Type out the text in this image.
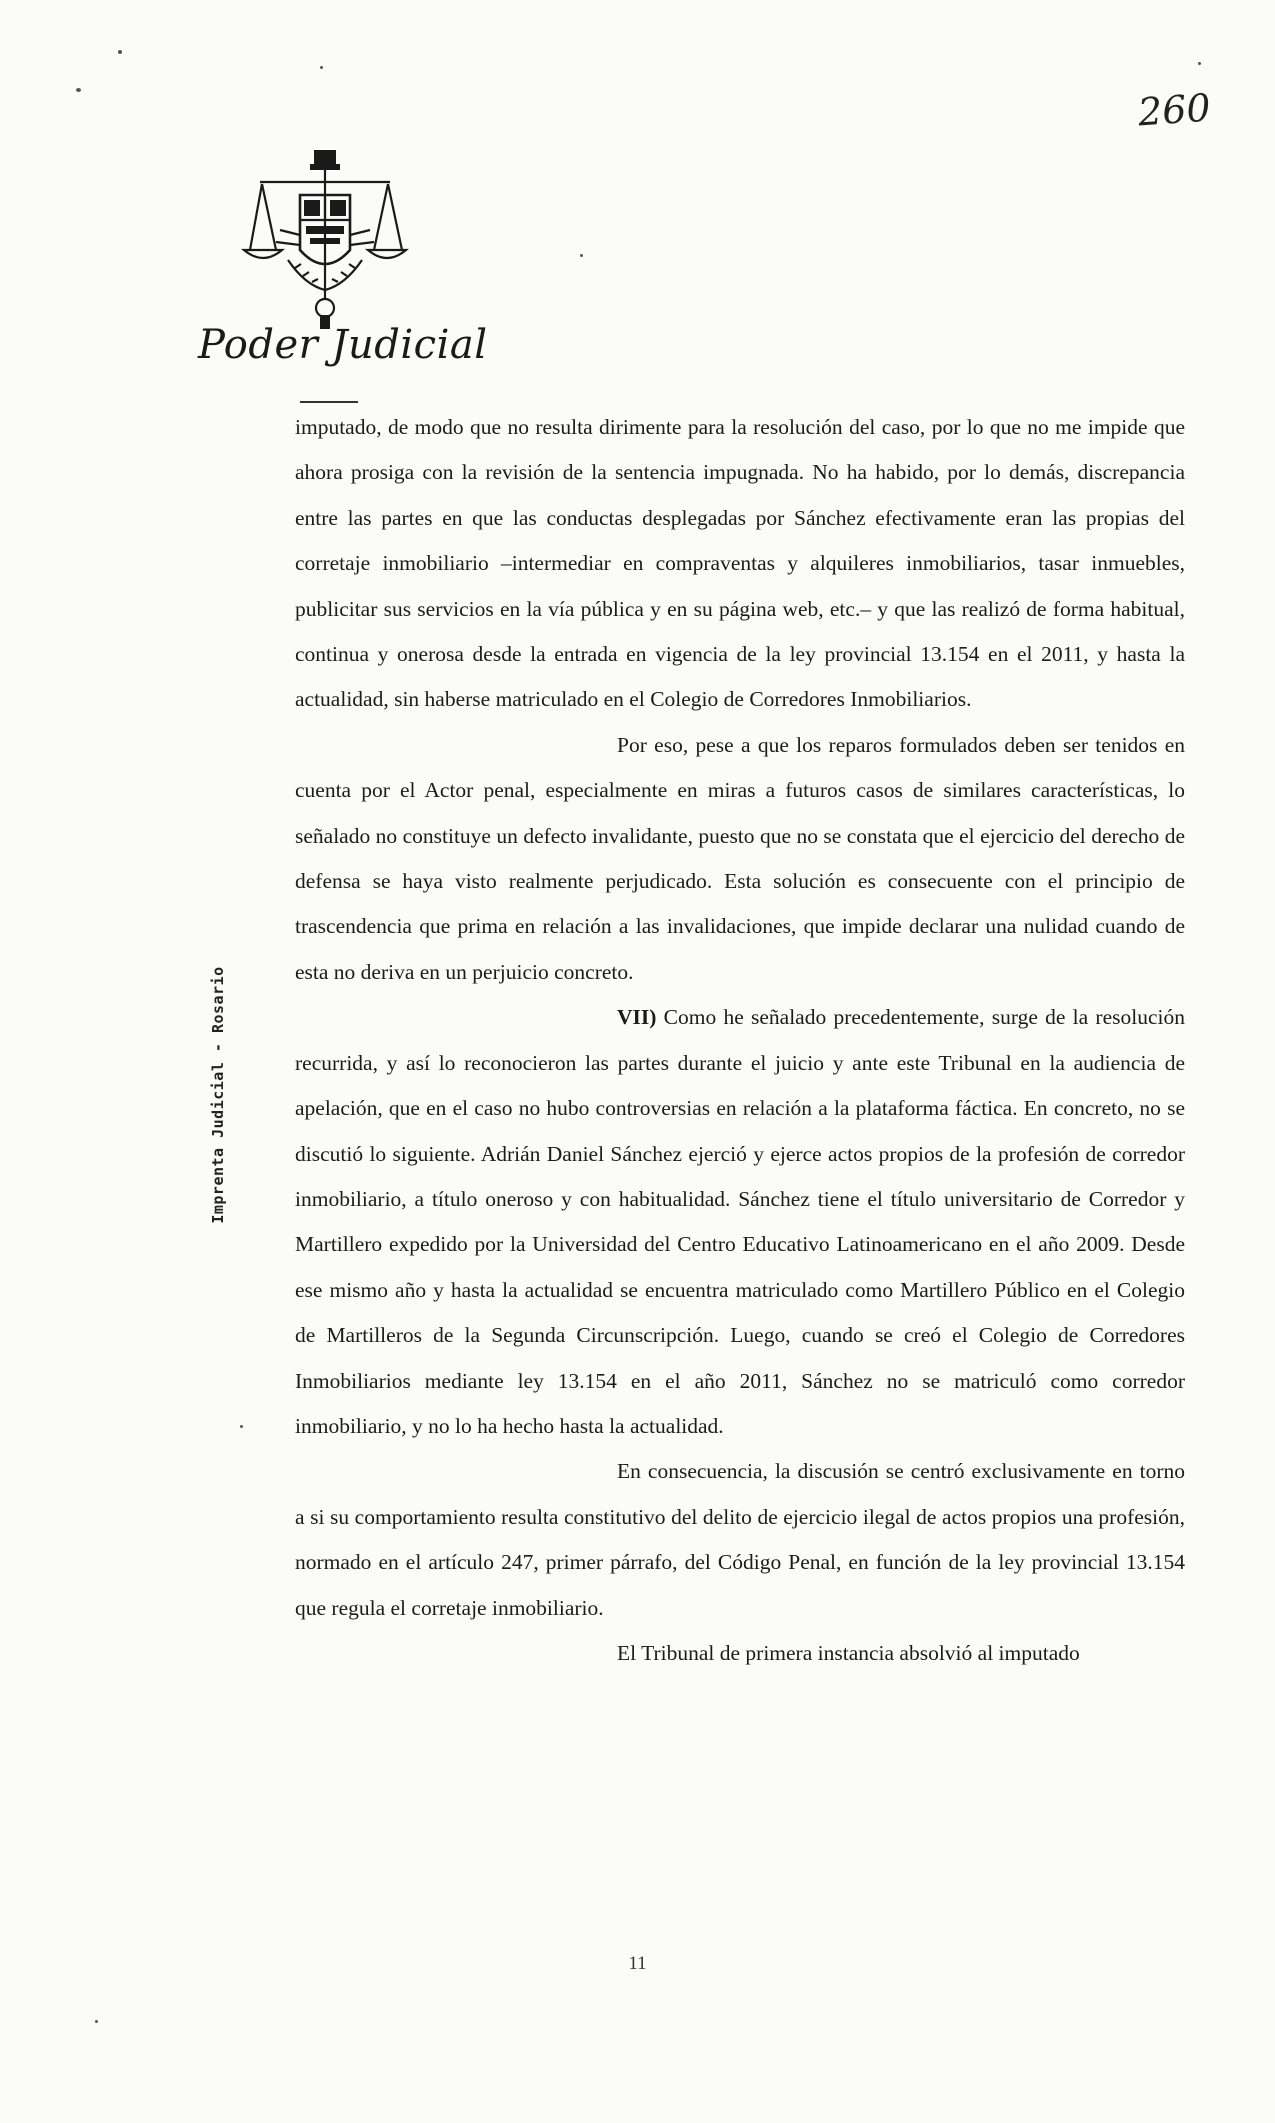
260
Poder Judicial
Imprenta Judicial - Rosario

imputado, de modo que no resulta dirimente para la resolución del caso, por lo que no me impide que ahora prosiga con la revisión de la sentencia impugnada. No ha habido, por lo demás, discrepancia entre las partes en que las conductas desplegadas por Sánchez efectivamente eran las propias del corretaje inmobiliario –intermediar en compraventas y alquileres inmobiliarios, tasar inmuebles, publicitar sus servicios en la vía pública y en su página web, etc.– y que las realizó de forma habitual, continua y onerosa desde la entrada en vigencia de la ley provincial 13.154 en el 2011, y hasta la actualidad, sin haberse matriculado en el Colegio de Corredores Inmobiliarios.

Por eso, pese a que los reparos formulados deben ser tenidos en cuenta por el Actor penal, especialmente en miras a futuros casos de similares características, lo señalado no constituye un defecto invalidante, puesto que no se constata que el ejercicio del derecho de defensa se haya visto realmente perjudicado. Esta solución es consecuente con el principio de trascendencia que prima en relación a las invalidaciones, que impide declarar una nulidad cuando de esta no deriva en un perjuicio concreto.

VII) Como he señalado precedentemente, surge de la resolución recurrida, y así lo reconocieron las partes durante el juicio y ante este Tribunal en la audiencia de apelación, que en el caso no hubo controversias en relación a la plataforma fáctica. En concreto, no se discutió lo siguiente. Adrián Daniel Sánchez ejerció y ejerce actos propios de la profesión de corredor inmobiliario, a título oneroso y con habitualidad. Sánchez tiene el título universitario de Corredor y Martillero expedido por la Universidad del Centro Educativo Latinoamericano en el año 2009. Desde ese mismo año y hasta la actualidad se encuentra matriculado como Martillero Público en el Colegio de Martilleros de la Segunda Circunscripción. Luego, cuando se creó el Colegio de Corredores Inmobiliarios mediante ley 13.154 en el año 2011, Sánchez no se matriculó como corredor inmobiliario, y no lo ha hecho hasta la actualidad.

En consecuencia, la discusión se centró exclusivamente en torno a si su comportamiento resulta constitutivo del delito de ejercicio ilegal de actos propios una profesión, normado en el artículo 247, primer párrafo, del Código Penal, en función de la ley provincial 13.154 que regula el corretaje inmobiliario.

El Tribunal de primera instancia absolvió al imputado

11
